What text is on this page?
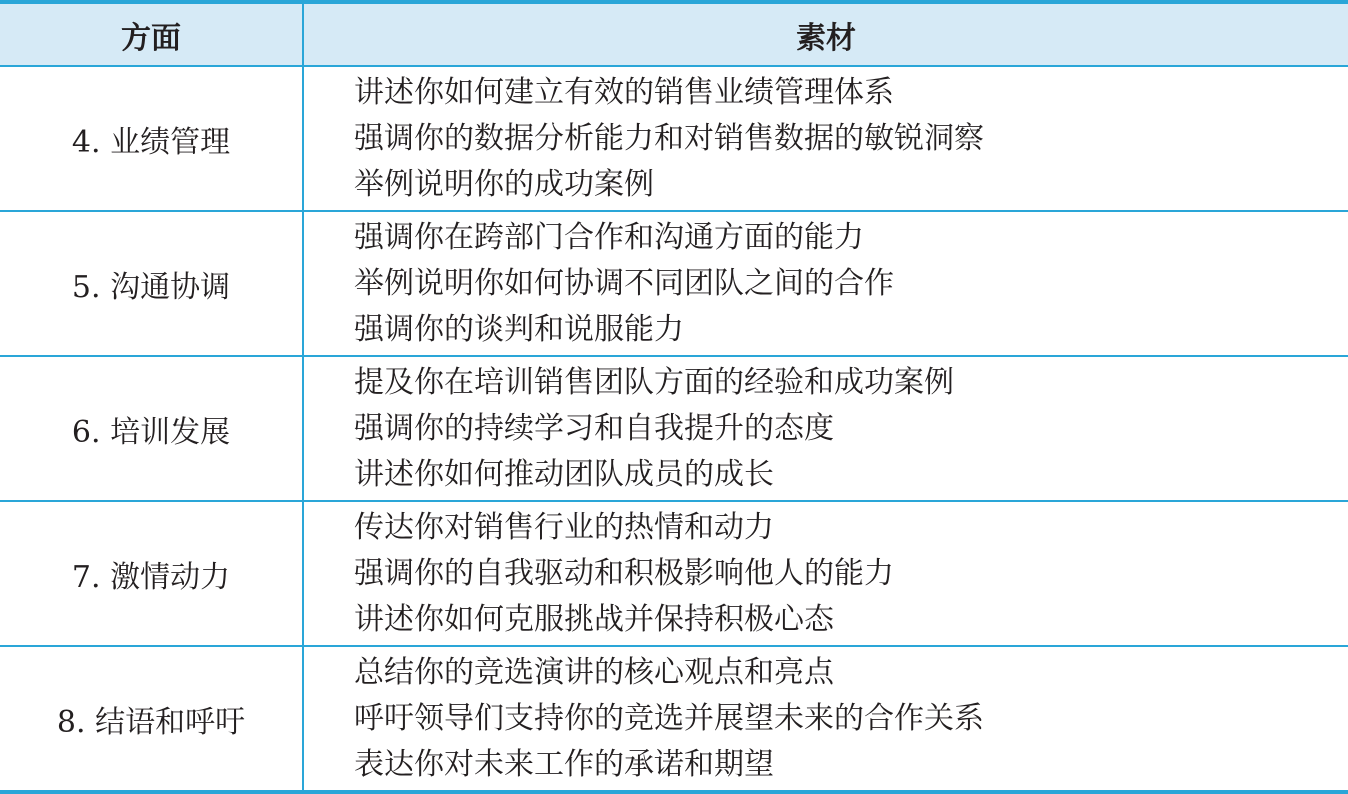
方面	素材
4. 业绩管理	讲述你如何建立有效的销售业绩管理体系
强调你的数据分析能力和对销售数据的敏锐洞察
举例说明你的成功案例

5. 沟通协调	强调你在跨部门合作和沟通方面的能力
举例说明你如何协调不同团队之间的合作
强调你的谈判和说服能力

6. 培训发展	提及你在培训销售团队方面的经验和成功案例
强调你的持续学习和自我提升的态度
讲述你如何推动团队成员的成长

7. 激情动力	传达你对销售行业的热情和动力
强调你的自我驱动和积极影响他人的能力
讲述你如何克服挑战并保持积极心态

8. 结语和呼吁	总结你的竞选演讲的核心观点和亮点
呼吁领导们支持你的竞选并展望未来的合作关系
表达你对未来工作的承诺和期望
